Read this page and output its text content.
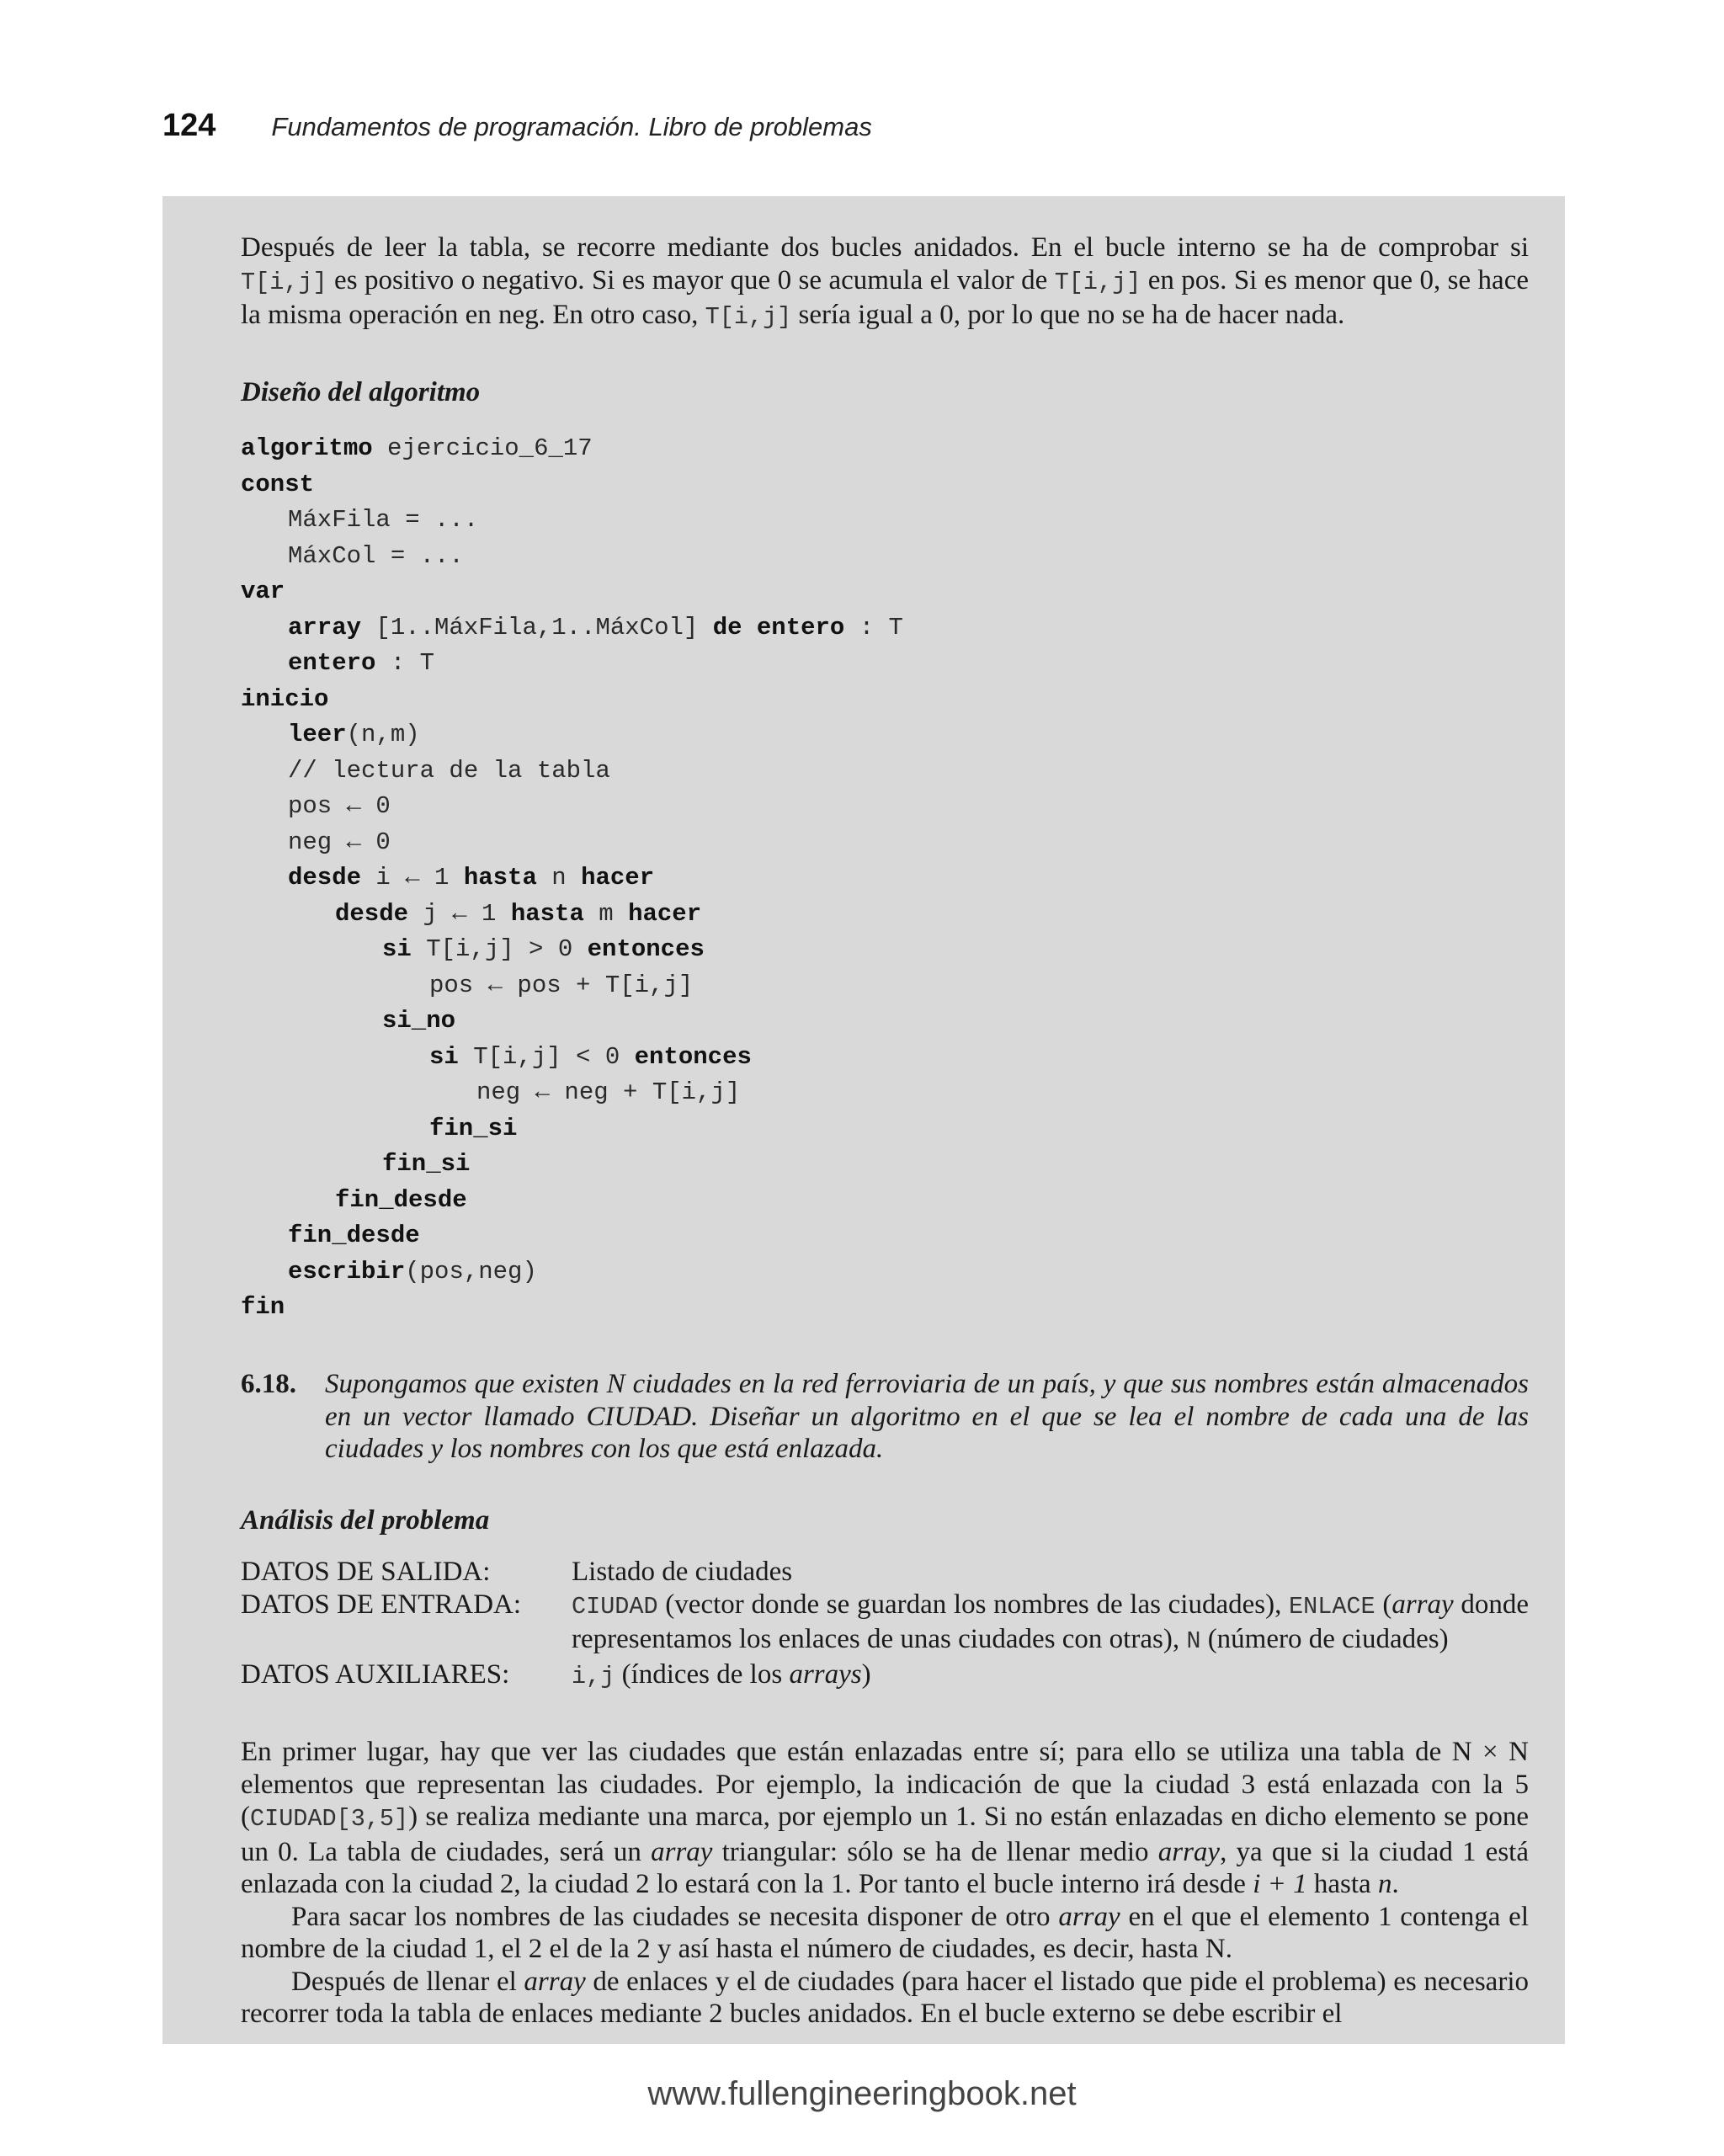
124 Fundamentos de programación. Libro de problemas
Después de leer la tabla, se recorre mediante dos bucles anidados. En el bucle interno se ha de comprobar si T[i,j] es positivo o negativo. Si es mayor que 0 se acumula el valor de T[i,j] en pos. Si es menor que 0, se hace la misma operación en neg. En otro caso, T[i,j] sería igual a 0, por lo que no se ha de hacer nada.
Diseño del algoritmo
algoritmo ejercicio_6_17
const
MáxFila = ...
MáxCol = ...
var
array [1..MáxFila,1..MáxCol] de entero : T
entero : T
inicio
leer(n,m)
// lectura de la tabla
pos ← 0
neg ← 0
desde i ← 1 hasta n hacer
desde j ← 1 hasta m hacer
si T[i,j] > 0 entonces
pos ← pos + T[i,j]
si_no
si T[i,j] < 0 entonces
neg ← neg + T[i,j]
fin_si
fin_si
fin_desde
fin_desde
escribir(pos,neg)
fin
6.18. Supongamos que existen N ciudades en la red ferroviaria de un país, y que sus nombres están almacenados en un vector llamado CIUDAD. Diseñar un algoritmo en el que se lea el nombre de cada una de las ciudades y los nombres con los que está enlazada.
Análisis del problema
DATOS DE SALIDA:	Listado de ciudades
DATOS DE ENTRADA:	CIUDAD (vector donde se guardan los nombres de las ciudades), ENLACE (array donde representamos los enlaces de unas ciudades con otras), N (número de ciudades)
DATOS AUXILIARES:	i,j (índices de los arrays)
En primer lugar, hay que ver las ciudades que están enlazadas entre sí; para ello se utiliza una tabla de N × N elementos que representan las ciudades. Por ejemplo, la indicación de que la ciudad 3 está enlazada con la 5 (CIUDAD[3,5]) se realiza mediante una marca, por ejemplo un 1. Si no están enlazadas en dicho elemento se pone un 0. La tabla de ciudades, será un array triangular: sólo se ha de llenar medio array, ya que si la ciudad 1 está enlazada con la ciudad 2, la ciudad 2 lo estará con la 1. Por tanto el bucle interno irá desde i + 1 hasta n.
Para sacar los nombres de las ciudades se necesita disponer de otro array en el que el elemento 1 contenga el nombre de la ciudad 1, el 2 el de la 2 y así hasta el número de ciudades, es decir, hasta N.
Después de llenar el array de enlaces y el de ciudades (para hacer el listado que pide el problema) es necesario recorrer toda la tabla de enlaces mediante 2 bucles anidados. En el bucle externo se debe escribir el
www.fullengineeringbook.net
